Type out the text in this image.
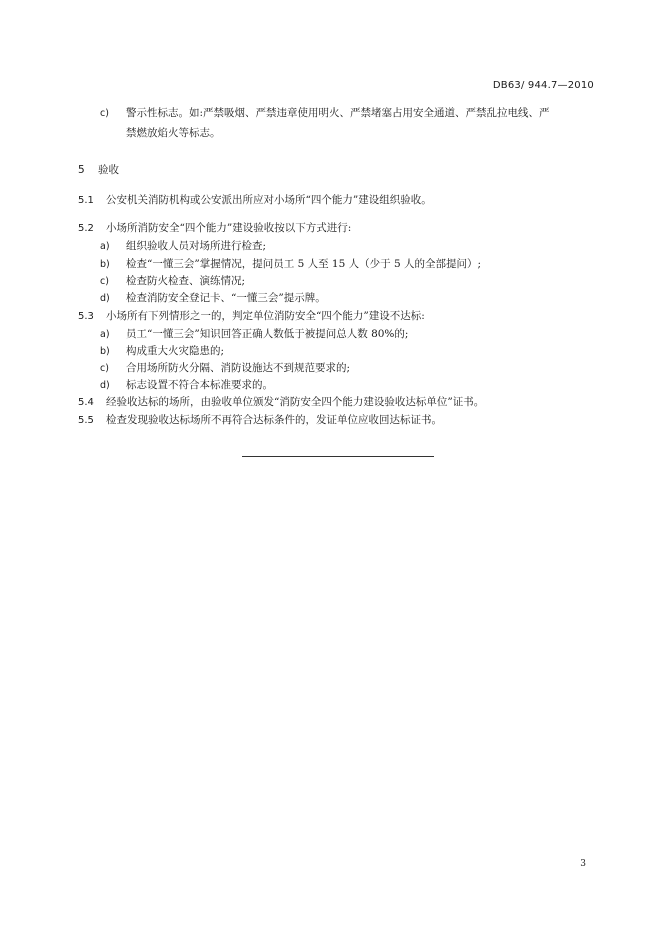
DB63/ 944.7—2010
c) 警示性标志。如:严禁吸烟、严禁违章使用明火、严禁堵塞占用安全通道、严禁乱拉电线、严
禁燃放焰火等标志。
5 验收
5.1 公安机关消防机构或公安派出所应对小场所“四个能力”建设组织验收。
5.2 小场所消防安全“四个能力”建设验收按以下方式进行:
a) 组织验收人员对场所进行检查;
b) 检查“一懂三会”掌握情况，提问员工 5 人至 15 人（少于 5 人的全部提问）;
c) 检查防火检查、演练情况;
d) 检查消防安全登记卡、“一懂三会”提示牌。
5.3 小场所有下列情形之一的，判定单位消防安全“四个能力”建设不达标:
a) 员工“一懂三会”知识回答正确人数低于被提问总人数 80%的;
b) 构成重大火灾隐患的;
c) 合用场所防火分隔、消防设施达不到规范要求的;
d) 标志设置不符合本标准要求的。
5.4 经验收达标的场所，由验收单位颁发“消防安全四个能力建设验收达标单位”证书。
5.5 检查发现验收达标场所不再符合达标条件的，发证单位应收回达标证书。
3
